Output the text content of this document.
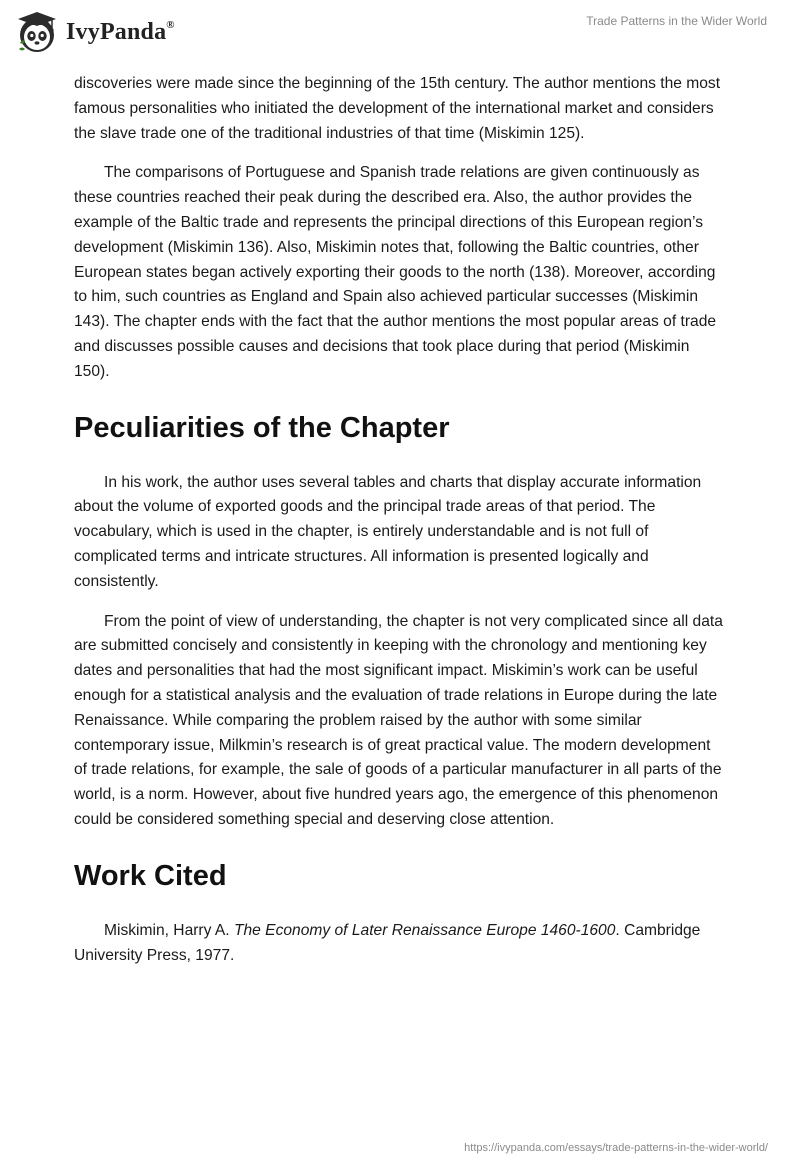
IvyPanda®	Trade Patterns in the Wider World

discoveries were made since the beginning of the 15th century. The author mentions the most famous personalities who initiated the development of the international market and considers the slave trade one of the traditional industries of that time (Miskimin 125).

The comparisons of Portuguese and Spanish trade relations are given continuously as these countries reached their peak during the described era. Also, the author provides the example of the Baltic trade and represents the principal directions of this European region’s development (Miskimin 136). Also, Miskimin notes that, following the Baltic countries, other European states began actively exporting their goods to the north (138). Moreover, according to him, such countries as England and Spain also achieved particular successes (Miskimin 143). The chapter ends with the fact that the author mentions the most popular areas of trade and discusses possible causes and decisions that took place during that period (Miskimin 150).

Peculiarities of the Chapter

In his work, the author uses several tables and charts that display accurate information about the volume of exported goods and the principal trade areas of that period. The vocabulary, which is used in the chapter, is entirely understandable and is not full of complicated terms and intricate structures. All information is presented logically and consistently.

From the point of view of understanding, the chapter is not very complicated since all data are submitted concisely and consistently in keeping with the chronology and mentioning key dates and personalities that had the most significant impact. Miskimin’s work can be useful enough for a statistical analysis and the evaluation of trade relations in Europe during the late Renaissance. While comparing the problem raised by the author with some similar contemporary issue, Milkmin’s research is of great practical value. The modern development of trade relations, for example, the sale of goods of a particular manufacturer in all parts of the world, is a norm. However, about five hundred years ago, the emergence of this phenomenon could be considered something special and deserving close attention.

Work Cited

Miskimin, Harry A. The Economy of Later Renaissance Europe 1460-1600. Cambridge University Press, 1977.

https://ivypanda.com/essays/trade-patterns-in-the-wider-world/
